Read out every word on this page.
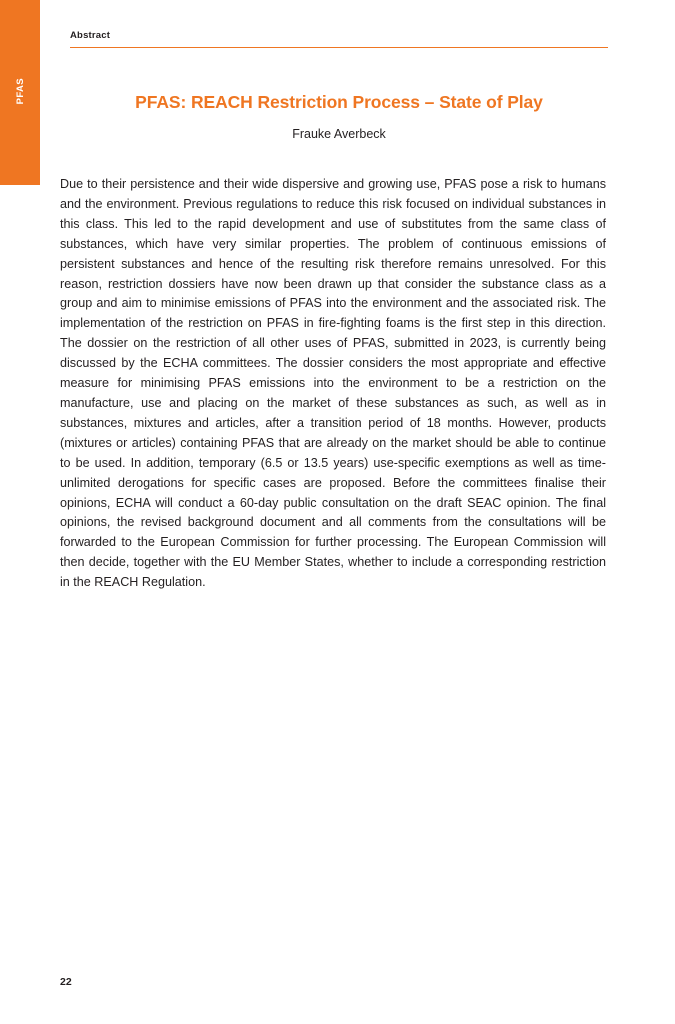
PFAS
Abstract
PFAS: REACH Restriction Process – State of Play
Frauke Averbeck
Due to their persistence and their wide dispersive and growing use, PFAS pose a risk to humans and the environment. Previous regulations to reduce this risk focused on individual substances in this class. This led to the rapid development and use of substitutes from the same class of substances, which have very similar properties. The problem of continuous emissions of persistent substances and hence of the resulting risk therefore remains unresolved. For this reason, restriction dossiers have now been drawn up that consider the substance class as a group and aim to minimise emissions of PFAS into the environment and the associated risk. The implementation of the restriction on PFAS in fire-fighting foams is the first step in this direction. The dossier on the restriction of all other uses of PFAS, submitted in 2023, is currently being discussed by the ECHA committees. The dossier considers the most appropriate and effective measure for minimising PFAS emissions into the environment to be a restriction on the manufacture, use and placing on the market of these substances as such, as well as in substances, mixtures and articles, after a transition period of 18 months. However, products (mixtures or articles) containing PFAS that are already on the market should be able to continue to be used. In addition, temporary (6.5 or 13.5 years) use-specific exemptions as well as time-unlimited derogations for specific cases are proposed. Before the committees finalise their opinions, ECHA will conduct a 60-day public consultation on the draft SEAC opinion. The final opinions, the revised background document and all comments from the consultations will be forwarded to the European Commission for further processing. The European Commission will then decide, together with the EU Member States, whether to include a corresponding restriction in the REACH Regulation.
22
